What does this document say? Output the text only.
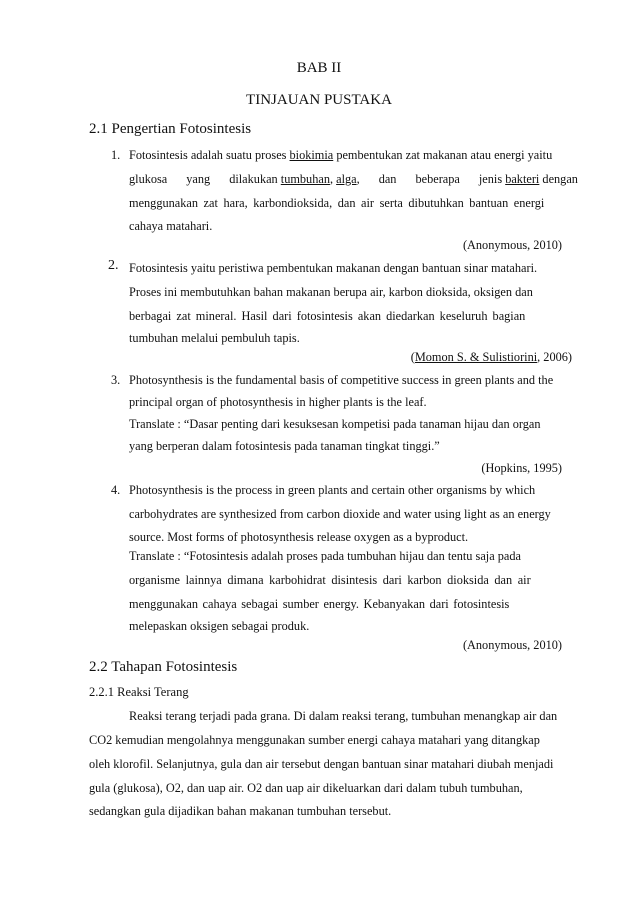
BAB II
TINJAUAN PUSTAKA
2.1 Pengertian Fotosintesis
1. Fotosintesis adalah suatu proses biokimia pembentukan zat makanan atau energi yaitu
glukosa yang dilakukan tumbuhan, alga, dan beberapa jenis bakteri dengan
menggunakan zat hara, karbondioksida, dan air serta dibutuhkan bantuan energi
cahaya matahari.
(Anonymous, 2010)
2. Fotosintesis yaitu peristiwa pembentukan makanan dengan bantuan sinar matahari.
Proses ini membutuhkan bahan makanan berupa air, karbon dioksida, oksigen dan
berbagai zat mineral. Hasil dari fotosintesis akan diedarkan keseluruh bagian
tumbuhan melalui pembuluh tapis.
(Momon S. & Sulistiorini, 2006)
3. Photosynthesis is the fundamental basis of competitive success in green plants and the
principal organ of photosynthesis in higher plants is the leaf.
Translate : “Dasar penting dari kesuksesan kompetisi pada tanaman hijau dan organ
yang berperan dalam fotosintesis pada tanaman tingkat tinggi.”
(Hopkins, 1995)
4. Photosynthesis is the process in green plants and certain other organisms by which
carbohydrates are synthesized from carbon dioxide and water using light as an energy
source. Most forms of photosynthesis release oxygen as a byproduct.
Translate : “Fotosintesis adalah proses pada tumbuhan hijau dan tentu saja pada
organisme lainnya dimana karbohidrat disintesis dari karbon dioksida dan air
menggunakan cahaya sebagai sumber energy. Kebanyakan dari fotosintesis
melepaskan oksigen sebagai produk.
(Anonymous, 2010)
2.2 Tahapan Fotosintesis
2.2.1 Reaksi Terang
Reaksi terang terjadi pada grana. Di dalam reaksi terang, tumbuhan menangkap air dan
CO2 kemudian mengolahnya menggunakan sumber energi cahaya matahari yang ditangkap
oleh klorofil. Selanjutnya, gula dan air tersebut dengan bantuan sinar matahari diubah menjadi
gula (glukosa), O2, dan uap air. O2 dan uap air dikeluarkan dari dalam tubuh tumbuhan,
sedangkan gula dijadikan bahan makanan tumbuhan tersebut.
